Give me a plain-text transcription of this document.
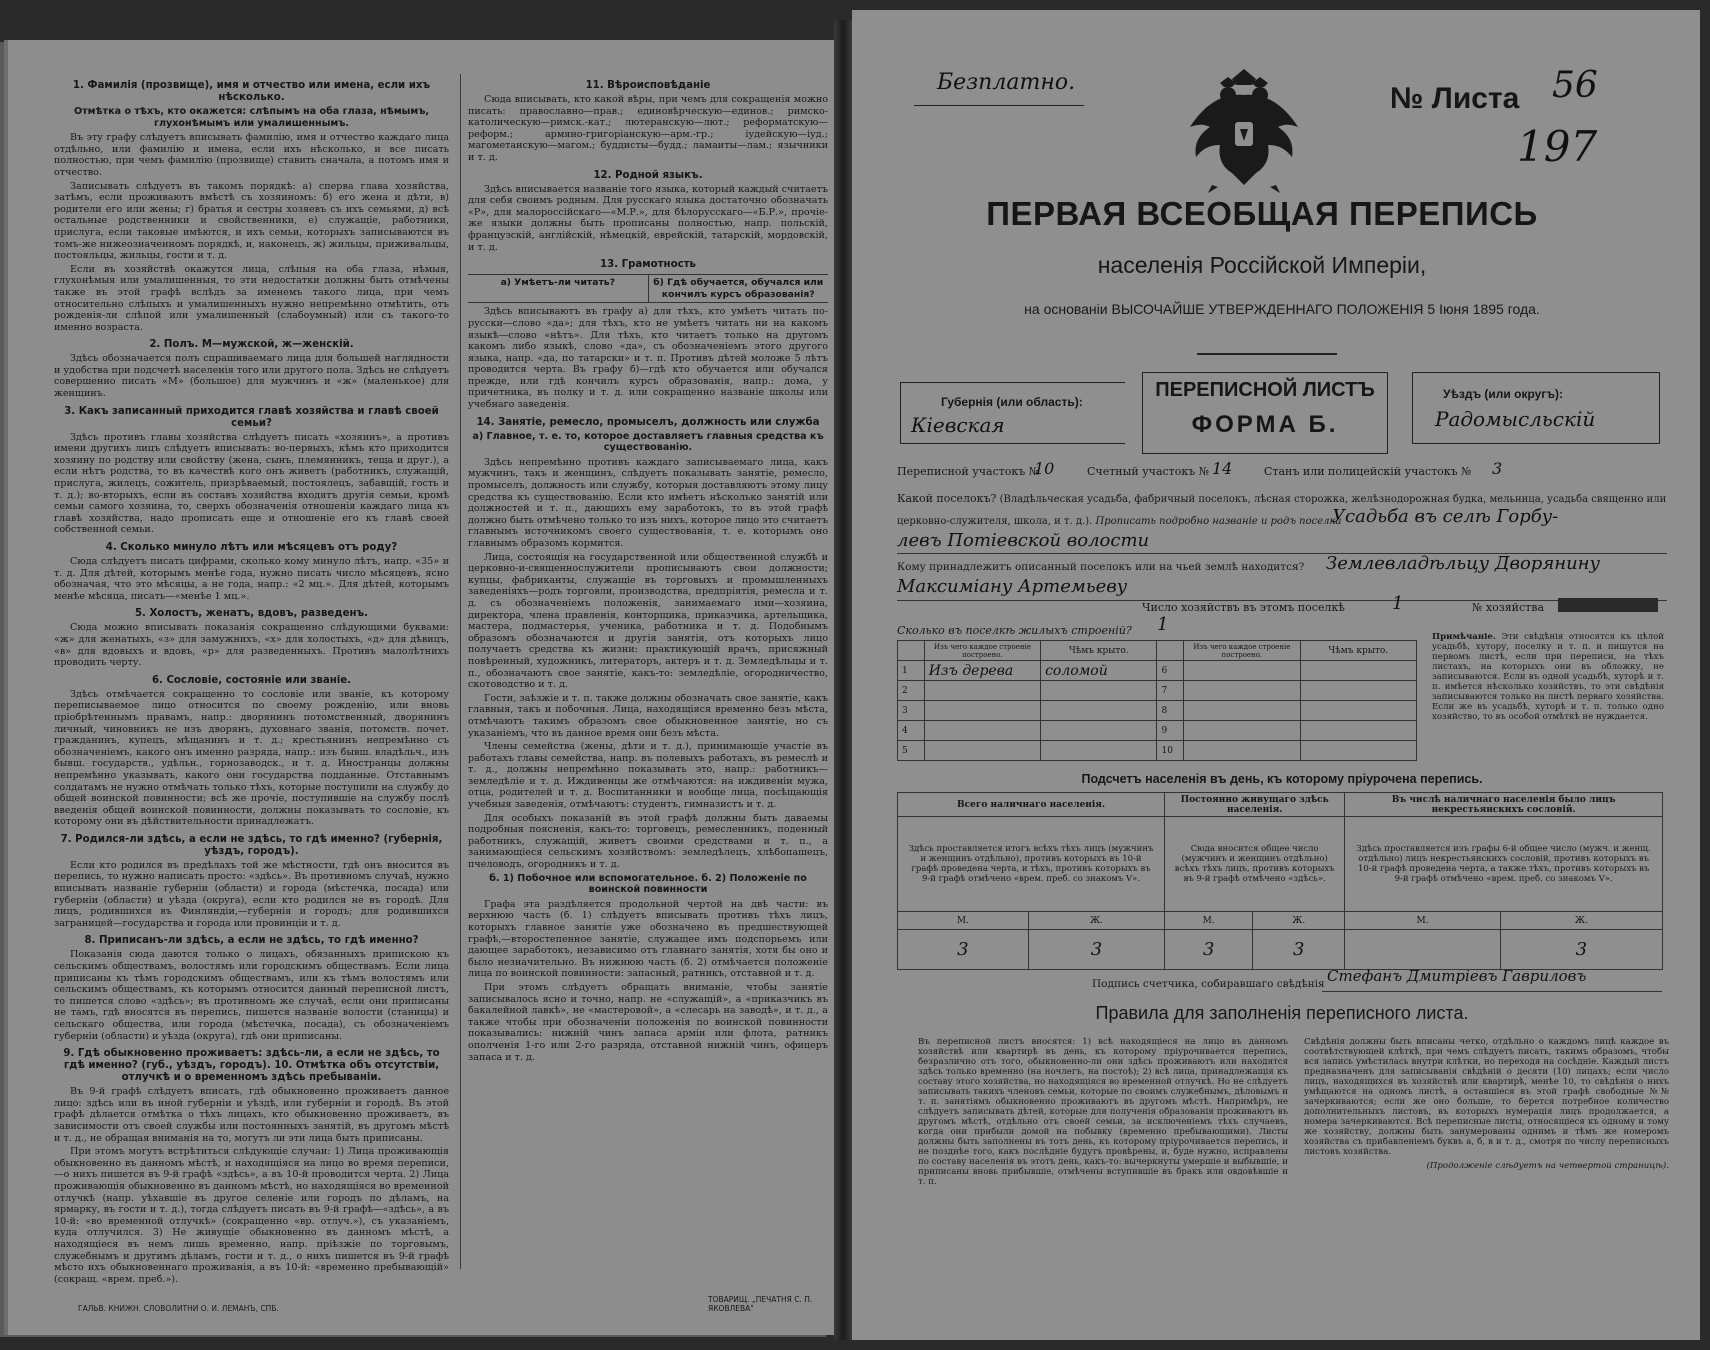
1. Фамилія (прозвище), имя и отчество или имена, если ихъ нѣсколько.
Отмѣтка о тѣхъ, кто окажется: слѣпымъ на оба глаза, нѣмымъ, глухонѣмымъ или умалишеннымъ.

Въ эту графу слѣдуетъ вписывать фамилію, имя и отчество каждаго лица отдѣльно, или фамилію и имена, если ихъ нѣсколько, и все писать полностью, при чемъ фамилію (прозвище) ставить сначала, а потомъ имя и отчество.

Записывать слѣдуетъ въ такомъ порядкѣ: а) сперва глава хозяйства, затѣмъ, если проживаютъ вмѣстѣ съ хозяиномъ: б) его жена и дѣти, в) родители его или жены; г) братья и сестры хозяевъ съ ихъ семьями, д) всѣ остальные родственники и свойственники, е) служащіе, работники, прислуга, если таковые имѣются, и ихъ семьи, которыхъ записываются въ томъ-же нижеозначенномъ порядкѣ, и, наконецъ, ж) жильцы, приживальцы, постояльцы, жильцы, гости и т. д.

Если въ хозяйствѣ окажутся лица, слѣпыя на оба глаза, нѣмыя, глухонѣмыя или умалишенныя, то эти недостатки должны быть отмѣчены также въ этой графѣ вслѣдъ за именемъ такого лица, при чемъ относительно слѣпыхъ и умалишенныхъ нужно непремѣнно отмѣтить, отъ рожденія-ли слѣпой или умалишенный (слабоумный) или съ такого-то именно возраста.

2. Полъ. М—мужской, ж—женскій.

Здѣсь обозначается полъ спрашиваемаго лица для большей наглядности и удобства при подсчетѣ населенія того или другого пола. Здѣсь не слѣдуетъ совершенно писать «М» (большое) для мужчинъ и «ж» (маленькое) для женщинъ.

3. Какъ записанный приходится главѣ хозяйства и главѣ своей семьи?

Здѣсь противъ главы хозяйства слѣдуетъ писать «хозяинъ», а противъ имени другихъ лицъ слѣдуетъ вписывать: во-первыхъ, кѣмъ кто приходится хозяину по родству или свойству (жена, сынъ, племянникъ, теща и друг.), а если нѣтъ родства, то въ качествѣ кого онъ живетъ (работникъ, служащій, прислуга, жилецъ, сожитель, призрѣваемый, постоялецъ, забавщій, гость и т. д.); во-вторыхъ, если въ составъ хозяйства входятъ другія семьи, кромѣ семьи самого хозяина, то, сверхъ обозначенія отношенія каждаго лица къ главѣ хозяйства, надо прописать еще и отношеніе его къ главѣ своей собственной семьи.

4. Сколько минуло лѣтъ или мѣсяцевъ отъ роду?

Сюда слѣдуетъ писать цифрами, сколько кому минуло лѣтъ, напр. «35» и т. д. Для дѣтей, которымъ менѣе года, нужно писать число мѣсяцевъ, ясно обозначая, что это мѣсяцы, а не года, напр.: «2 мц.». Для дѣтей, которымъ менѣе мѣсяца, писать—«менѣе 1 мц.».

5. Холостъ, женатъ, вдовъ, разведенъ.

Сюда можно вписывать показанія сокращенно слѣдующими буквами: «ж» для женатыхъ, «з» для замужнихъ, «х» для холостыхъ, «д» для дѣвицъ, «в» для вдовыхъ и вдовъ, «р» для разведенныхъ. Противъ малолѣтнихъ проводить черту.

6. Сословіе, состояніе или званіе.

Здѣсь отмѣчается сокращенно то сословіе или званіе, къ которому переписываемое лицо относится по своему рожденію, или вновь пріобрѣтеннымъ правамъ, напр.: дворянинъ потомственный, дворянинъ личный, чиновникъ не изъ дворянъ, духовнаго званія, потомств. почет. гражданинъ, купецъ, мѣщанинъ и т. д.; крестьянинъ непремѣнно съ обозначеніемъ, какого онъ именно разряда, напр.: изъ бывш. владѣльч., изъ бывш. государств., удѣльн., горнозаводск., и т. д. Иностранцы должны непремѣнно указывать, какого они государства подданные. Отставнымъ солдатамъ не нужно отмѣчать только тѣхъ, которые поступили на службу до общей воинской повинности; всѣ же прочіе, поступившіе на службу послѣ введенія общей воинской повинности, должны показывать то сословіе, къ которому они въ дѣйствительности принадлежатъ.

7. Родился-ли здѣсь, а если не здѣсь, то гдѣ именно? (губернія, уѣздъ, городъ).

Если кто родился въ предѣлахъ той же мѣстности, гдѣ онъ вносится въ перепись, то нужно написать просто: «здѣсь». Въ противномъ случаѣ, нужно вписывать названіе губерніи (области) и города (мѣстечка, посада) или губерніи (области) и уѣзда (округа), если кто родился не въ городѣ. Для лицъ, родившихся въ Финляндіи,—губернія и городъ; для родившихся заграницей—государства и города или провинціи и т. д.

8. Приписанъ-ли здѣсь, а если не здѣсь, то гдѣ именно?

Показанія сюда даются только о лицахъ, обязанныхъ припискою къ сельскимъ обществамъ, волостямъ или городскимъ обществамъ. Если лица приписаны къ тѣмъ городскимъ обществамъ, или къ тѣмъ волостямъ или сельскимъ обществамъ, къ которымъ относится данный переписной листъ, то пишется слово «здѣсь»; въ противномъ же случаѣ, если они приписаны не тамъ, гдѣ вносятся въ перепись, пишется названіе волости (станицы) и сельскаго общества, или города (мѣстечка, посада), съ обозначеніемъ губерніи (области) и уѣзда (округа), гдѣ они приписаны.

9. Гдѣ обыкновенно проживаетъ: здѣсь-ли, а если не здѣсь, то гдѣ именно? (губ., уѣздъ, городъ). 10. Отмѣтка объ отсутствіи, отлучкѣ и о временномъ здѣсь пребываніи.

Въ 9-й графѣ слѣдуетъ вписать, гдѣ обыкновенно проживаетъ данное лицо: здѣсь или въ иной губерніи и уѣздѣ, или губерніи и городѣ. Въ этой графѣ дѣлается отмѣтка о тѣхъ лицахъ, кто обыкновенно проживаетъ, въ зависимости отъ своей службы или постоянныхъ занятій, въ другомъ мѣстѣ и т. д., не обращая вниманія на то, могутъ ли эти лица быть приписаны.

При этомъ могутъ встрѣтиться слѣдующіе случаи: 1) Лица проживающія обыкновенно въ данномъ мѣстѣ, и находящіяся на лицо во время переписи,—о нихъ пишется въ 9-й графѣ «здѣсь», а въ 10-й проводится черта. 2) Лица проживающія обыкновенно въ данномъ мѣстѣ, но находящіяся во временной отлучкѣ (напр. уѣхавшіе въ другое селеніе или городъ по дѣламъ, на ярмарку, въ гости и т. д.), тогда слѣдуетъ писать въ 9-й графѣ—«здѣсь», а въ 10-й: «во временной отлучкѣ» (сокращенно «вр. отлуч.»), съ указаніемъ, куда отлучился. 3) Не живущіе обыкновенно въ данномъ мѣстѣ, а находящіеся въ немъ лишь временно, напр. пріѣзжіе по торговымъ, служебнымъ и другимъ дѣламъ, гости и т. д., о нихъ пишется въ 9-й графѣ мѣсто ихъ обыкновеннаго проживанія, а въ 10-й: «временно пребывающій» (сокращ. «врем. преб.»).

11. Вѣроисповѣданіе

Сюда вписывать, кто какой вѣры, при чемъ для сокращенія можно писать: православно—прав.; единовѣрческую—единов.; римско-католическую—римск.-кат.; лютеранскую—лют.; реформатскую—реформ.; армяно-григоріанскую—арм.-гр.; іудейскую—іуд.; магометанскую—магом.; буддисты—будд.; ламаиты—лам.; язычники и т. д.

12. Родной языкъ.

Здѣсь вписывается названіе того языка, который каждый считаетъ для себя своимъ родным. Для русскаго языка достаточно обозначать «Р», для малороссійскаго—«М.Р.», для бѣлорусскаго—«Б.Р.», прочіе-же языки должны быть прописаны полностью, напр. польскій, французскій, англійскій, нѣмецкій, еврейскій, татарскій, мордовскій, и т. д.

13. Грамотность
а) Умѣетъ-ли читать?	б) Гдѣ обучается, обучался или кончилъ курсъ образованія?

Здѣсь вписываютъ въ графу а) для тѣхъ, кто умѣетъ читать по-русски—слово «да»; для тѣхъ, кто не умѣетъ читать ни на какомъ языкѣ—слово «нѣтъ». Для тѣхъ, кто читаетъ только на другомъ какомъ либо языкѣ, слово «да», съ обозначеніемъ этого другого языка, напр. «да, по татарски» и т. п. Противъ дѣтей моложе 5 лѣтъ проводится черта. Въ графу б)—гдѣ кто обучается или обучался прежде, или гдѣ кончилъ курсъ образованія, напр.: дома, у причетника, въ полку и т. д. или сокращенно названіе школы или учебнаго заведенія.

14. Занятіе, ремесло, промыселъ, должность или служба
а) Главное, т. е. то, которое доставляетъ главныя средства къ существованію.

Здѣсь непремѣнно противъ каждаго записываемаго лица, какъ мужчинъ, такъ и женщинъ, слѣдуетъ показывать занятіе, ремесло, промыселъ, должность или службу, которыя доставляютъ этому лицу средства къ существованію. Если кто имѣетъ нѣсколько занятій или должностей и т. п., дающихъ ему заработокъ, то въ этой графѣ должно быть отмѣчено только то изъ нихъ, которое лицо это считаетъ главнымъ источникомъ своего существованія, т. е. которымъ оно главнымъ образомъ кормится.

Лица, состоящія на государственной или общественной службѣ и церковно-и-священнослужители прописываютъ свои должности; купцы, фабриканты, служащіе въ торговыхъ и промышленныхъ заведеніяхъ—родъ торговли, производства, предпріятія, ремесла и т. д. съ обозначеніемъ положенія, занимаемаго ими—хозяина, директора, члена правленія, конторщика, приказчика, артельщика, мастера, подмастерья, ученика, работника и т. д. Подобнымъ образомъ обозначаются и другія занятія, отъ которыхъ лицо получаетъ средства къ жизни: практикующій врачъ, присяжный повѣренный, художникъ, литераторъ, актеръ и т. д. Земледѣльцы и т. п., обозначаютъ свое занятіе, какъ-то: земледѣліе, огородничество, скотоводство и т. д.

Гости, заѣзжіе и т. п. также должны обозначать свое занятіе, какъ главныя, такъ и побочныя. Лица, находящіяся временно безъ мѣста, отмѣчаютъ такимъ образомъ свое обыкновенное занятіе, но съ указаніемъ, что въ данное время они безъ мѣста.

Члены семейства (жены, дѣти и т. д.), принимающіе участіе въ работахъ главы семейства, напр. въ полевыхъ работахъ, въ ремеслѣ и т. д., должны непремѣнно показывать это, напр.: работникъ—земледѣліе и т. д. Иждивенцы же отмѣчаются: на иждивеніи мужа, отца, родителей и т. д. Воспитанники и вообще лица, посѣщающія учебныя заведенія, отмѣчаютъ: студентъ, гимназистъ и т. д.

Для особыхъ показаній въ этой графѣ должны быть даваемы подробныя поясненія, какъ-то: торговецъ, ремесленникъ, поденный работникъ, служащій, живетъ своими средствами и т. п., а занимающіеся сельскимъ хозяйствомъ: земледѣлецъ, хлѣбопашецъ, пчеловодъ, огородникъ и т. д.

б. 1) Побочное или вспомогательное. б. 2) Положеніе по воинской повинности

Графа эта раздѣляется продольной чертой на двѣ части: въ верхнюю часть (б. 1) слѣдуетъ вписывать противъ тѣхъ лицъ, которыхъ главное занятіе уже обозначено въ предшествующей графѣ,—второстепенное занятіе, служащее имъ подспорьемъ или дающее заработокъ, независимо отъ главнаго занятія, хотя бы оно и было незначительно. Въ нижнюю часть (б. 2) отмѣчается положеніе лица по воинской повинности: запасный, ратникъ, отставной и т. д.

При этомъ слѣдуетъ обращать вниманіе, чтобы занятіе записывалось ясно и точно, напр. не «служащій», а «приказчикъ въ бакалейной лавкѣ», не «мастеровой», а «слесарь на заводѣ», и т. д., а также чтобы при обозначеніи положенія по воинской повинности показывались: нижній чинъ запаса арміи или флота, ратникъ ополченія 1-го или 2-го разряда, отставной нижній чинъ, офицеръ запаса и т. д.

ГАЛЬВ. КНИЖН. СЛОВОЛИТНИ О. И. ЛЕМАНЪ, СПБ.
ТОВАРИЩ. „ПЕЧАТНЯ С. П. ЯКОВЛЕВА"
Безплатно.	№ Листа 56
197
ПЕРВАЯ ВСЕОБЩАЯ ПЕРЕПИСЬ
населенія Россійской Имперіи,
на основаніи ВЫСОЧАЙШЕ УТВЕРЖДЕННАГО ПОЛОЖЕНІЯ 5 Іюня 1895 года.
Губернія (или область):
Кіевская
ПЕРЕПИСНОЙ ЛИСТЪ
ФОРМА Б.
Уѣздъ (или округъ):
Радомысльскій
Переписной участокъ №
10	Счетный участокъ № 14	Станъ или полицейскій участокъ № 3
Какой поселокъ? (Владѣльческая усадьба, фабричный поселокъ, лѣсная сторожка, желѣзнодорожная будка, мельница, усадьба священно или церковно-служителя, школа, и т. д.). Прописать подробно названіе и родъ поселка
Усадьба въ селѣ Горбу-
левъ Потіевской волости
Кому принадлежитъ описанный поселокъ или на чьей землѣ находится? Землевладѣльцу Дворянину
Максиміану Артемьеву
Число хозяйствъ въ этомъ поселкѣ	1	№ хозяйства
Сколько въ поселкѣ жилыхъ строеній? 1
	Изъ чего каждое строеніе построено.	Чѣмъ крыто.		Изъ чего каждое строеніе построено.	Чѣмъ крыто.
1	Изъ дерева	соломой	6		
2			7		
3			8		
4			9		
5			10		
Примѣчаніе. Эти свѣдѣнія относятся къ цѣлой усадьбѣ, хутору, поселку и т. п. и пишутся на первомъ листѣ, если при переписи, на тѣхъ листахъ, на которыхъ они въ обложку, не записываются. Если въ одной усадьбѣ, хуторѣ и т. п. имѣется нѣсколько хозяйствъ, то эти свѣдѣнія записываются только на листѣ перваго хозяйства. Если же въ усадьбѣ, хуторѣ и т. п. только одно хозяйство, то въ особой отмѣткѣ не нуждается.
Подсчетъ населенія въ день, къ которому пріурочена перепись.
Всего наличнаго населенія.		Постоянно живущаго здѣсь населенія.		Въ числѣ наличнаго населенія было лицъ некрестьянскихъ сословій.	
Здѣсь проставляется итогъ всѣхъ тѣхъ лицъ (мужчинъ и женщинъ отдѣльно), противъ которыхъ въ 10-й графѣ проведена черта, и тѣхъ, противъ которыхъ въ 9-й графѣ отмѣчено «врем. преб. со знакомъ V».		Сюда вносится общее число (мужчинъ и женщинъ отдѣльно) всѣхъ тѣхъ лицъ, противъ которыхъ въ 9-й графѣ отмѣчено «здѣсь».		Здѣсь проставляется изъ графы 6-й общее число (мужч. и женщ. отдѣльно) лицъ некрестьянскихъ сословій, противъ которыхъ въ 10-й графѣ проведена черта, а также тѣхъ, противъ которыхъ въ 9-й графѣ отмѣчено «врем. преб. со знакомъ V».	
М.	Ж.	М.	Ж.	М.	Ж.
3	3	3	3		3
Подпись счетчика, собиравшаго свѣдѣнія Стефанъ Дмитріевъ Гавриловъ
Правила для заполненія переписного листа.
Въ переписной листъ вносятся: 1) всѣ находящіеся на лицо въ данномъ хозяйствѣ или квартирѣ въ день, къ которому пріурочивается перепись, безразлично отъ того, обыкновенно-ли они здѣсь проживаютъ или находятся здѣсь только временно (на ночлегъ, на постоѣ); 2) всѣ лица, принадлежащія къ составу этого хозяйства, но находящіяся во временной отлучкѣ. Но не слѣдуетъ записывать такихъ членовъ семьи, которые по своимъ служебнымъ, дѣловымъ и т. п. занятіямъ обыкновенно проживаютъ въ другомъ мѣстѣ. Напримѣръ, не слѣдуетъ записывать дѣтей, которые для полученія образованія проживаютъ въ другомъ мѣстѣ, отдѣльно отъ своей семьи, за исключеніемъ тѣхъ случаевъ, когда они прибыли домой на побывку (временно пребывающими). Листы должны быть заполнены въ тотъ день, къ которому пріурочивается перепись, и не позднѣе того, какъ послѣдніе будутъ провѣрены, и, буде нужно, исправлены по составу населенія въ этотъ день, какъ-то: вычеркнуты умершіе и выбывшіе, и приписаны вновь прибывшіе, отмѣчены вступившіе въ бракъ или овдовѣвшіе и т. п.
Свѣдѣнія должны быть вписаны четко, отдѣльно о каждомъ лицѣ каждое въ соотвѣтствующей клѣткѣ, при чемъ слѣдуетъ писать, такимъ образомъ, чтобы вся запись умѣстилась внутри клѣтки, но переходя на сосѣдніе. Каждый листъ предназначенъ для записыванія свѣдѣній о десяти (10) лицахъ; если число лицъ, находящихся въ хозяйствѣ или квартирѣ, менѣе 10, то свѣдѣнія о нихъ умѣщаются на одномъ листѣ, а оставшіеся въ этой графѣ свободные №№ зачеркиваются; если же оно больше, то берется потребное количество дополнительныхъ листовъ, въ которыхъ нумерація лицъ продолжается, а номера зачеркиваются. Всѣ переписные листы, относящіеся къ одному и тому же хозяйству, должны быть занумерованы однимъ и тѣмъ же номеромъ хозяйства съ прибавленіемъ буквъ а, б, в и т. д., смотря по числу переписныхъ листовъ хозяйства.
(Продолженіе слѣдуетъ на четвертой страницѣ).
